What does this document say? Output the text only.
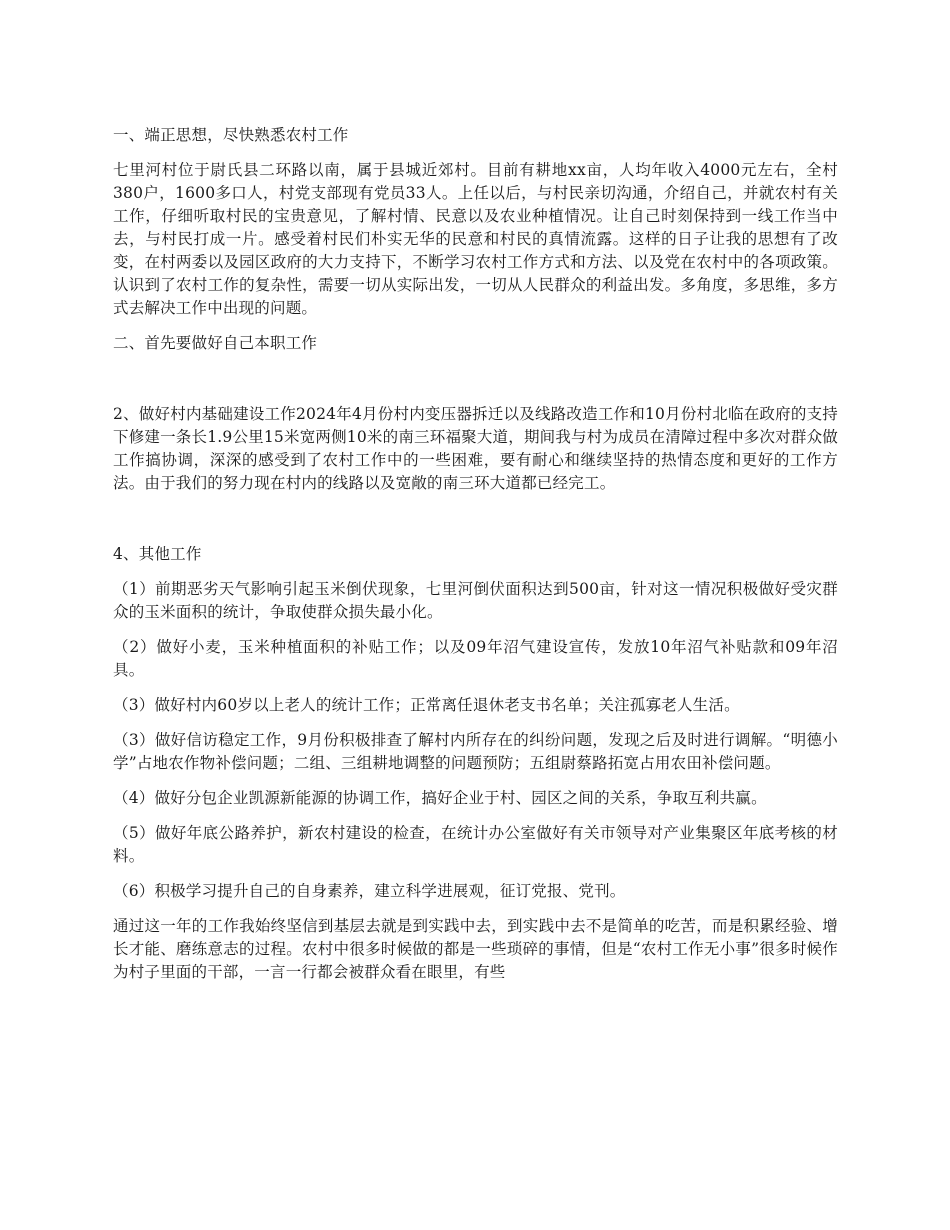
一、端正思想，尽快熟悉农村工作

七里河村位于尉氏县二环路以南，属于县城近郊村。目前有耕地xx亩，人均年收入4000元左右，全村380户，1600多口人，村党支部现有党员33人。上任以后，与村民亲切沟通，介绍自己，并就农村有关工作，仔细听取村民的宝贵意见，了解村情、民意以及农业种植情况。让自己时刻保持到一线工作当中去，与村民打成一片。感受着村民们朴实无华的民意和村民的真情流露。这样的日子让我的思想有了改变，在村两委以及园区政府的大力支持下，不断学习农村工作方式和方法、以及党在农村中的各项政策。认识到了农村工作的复杂性，需要一切从实际出发，一切从人民群众的利益出发。多角度，多思维，多方式去解决工作中出现的问题。

二、首先要做好自己本职工作

2、做好村内基础建设工作2024年4月份村内变压器拆迁以及线路改造工作和10月份村北临在政府的支持下修建一条长1.9公里15米宽两侧10米的南三环福聚大道，期间我与村为成员在清障过程中多次对群众做工作搞协调，深深的感受到了农村工作中的一些困难，要有耐心和继续坚持的热情态度和更好的工作方法。由于我们的努力现在村内的线路以及宽敞的南三环大道都已经完工。

4、其他工作

（1）前期恶劣天气影响引起玉米倒伏现象，七里河倒伏面积达到500亩，针对这一情况积极做好受灾群众的玉米面积的统计，争取使群众损失最小化。

（2）做好小麦，玉米种植面积的补贴工作；以及09年沼气建设宣传，发放10年沼气补贴款和09年沼具。

（3）做好村内60岁以上老人的统计工作；正常离任退休老支书名单；关注孤寡老人生活。

（3）做好信访稳定工作，9月份积极排查了解村内所存在的纠纷问题，发现之后及时进行调解。“明德小学”占地农作物补偿问题；二组、三组耕地调整的问题预防；五组尉蔡路拓宽占用农田补偿问题。

（4）做好分包企业凯源新能源的协调工作，搞好企业于村、园区之间的关系，争取互利共赢。

（5）做好年底公路养护，新农村建设的检查，在统计办公室做好有关市领导对产业集聚区年底考核的材料。

（6）积极学习提升自己的自身素养，建立科学进展观，征订党报、党刊。

通过这一年的工作我始终坚信到基层去就是到实践中去，到实践中去不是简单的吃苦，而是积累经验、增长才能、磨练意志的过程。农村中很多时候做的都是一些琐碎的事情，但是“农村工作无小事”很多时候作为村子里面的干部，一言一行都会被群众看在眼里，有些
